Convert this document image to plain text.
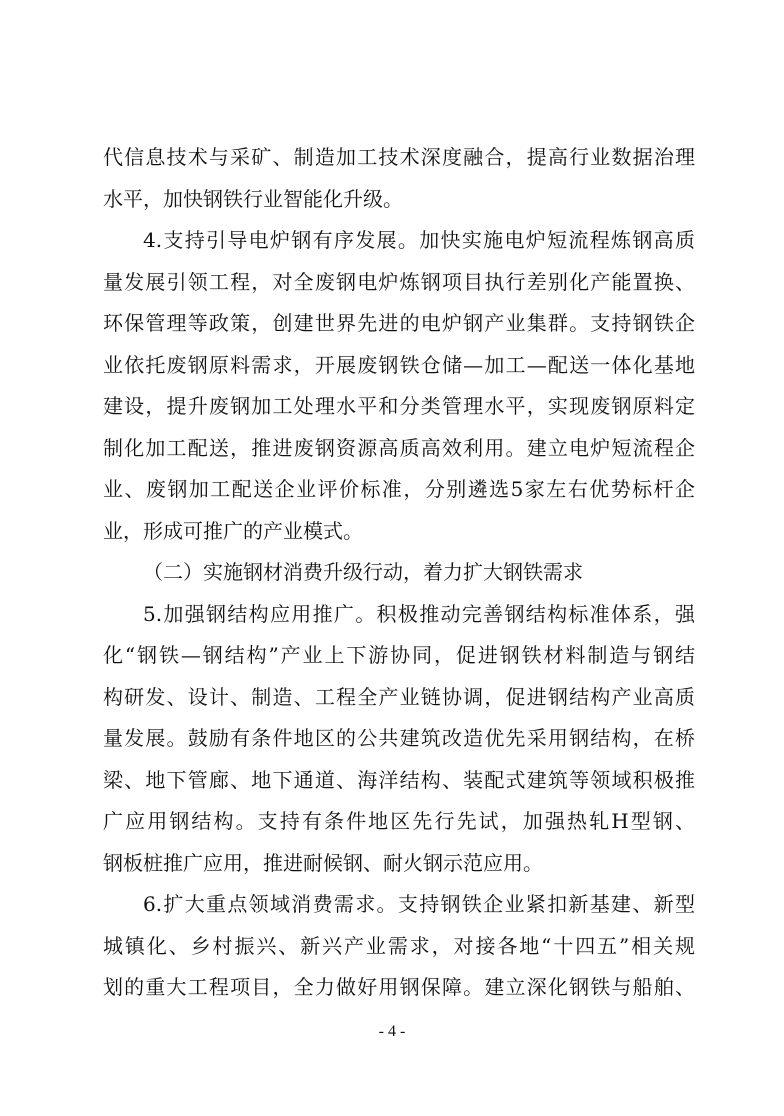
代信息技术与采矿、制造加工技术深度融合，提高行业数据治理
水平，加快钢铁行业智能化升级。
4.支持引导电炉钢有序发展。加快实施电炉短流程炼钢高质
量发展引领工程，对全废钢电炉炼钢项目执行差别化产能置换、
环保管理等政策，创建世界先进的电炉钢产业集群。支持钢铁企
业依托废钢原料需求，开展废钢铁仓储—加工—配送一体化基地
建设，提升废钢加工处理水平和分类管理水平，实现废钢原料定
制化加工配送，推进废钢资源高质高效利用。建立电炉短流程企
业、废钢加工配送企业评价标准，分别遴选5家左右优势标杆企
业，形成可推广的产业模式。
（二）实施钢材消费升级行动，着力扩大钢铁需求
5.加强钢结构应用推广。积极推动完善钢结构标准体系，强
化“钢铁—钢结构”产业上下游协同，促进钢铁材料制造与钢结
构研发、设计、制造、工程全产业链协调，促进钢结构产业高质
量发展。鼓励有条件地区的公共建筑改造优先采用钢结构，在桥
梁、地下管廊、地下通道、海洋结构、装配式建筑等领域积极推
广应用钢结构。支持有条件地区先行先试，加强热轧H型钢、
钢板桩推广应用，推进耐候钢、耐火钢示范应用。
6.扩大重点领域消费需求。支持钢铁企业紧扣新基建、新型
城镇化、乡村振兴、新兴产业需求，对接各地“十四五”相关规
划的重大工程项目，全力做好用钢保障。建立深化钢铁与船舶、
- 4 -
